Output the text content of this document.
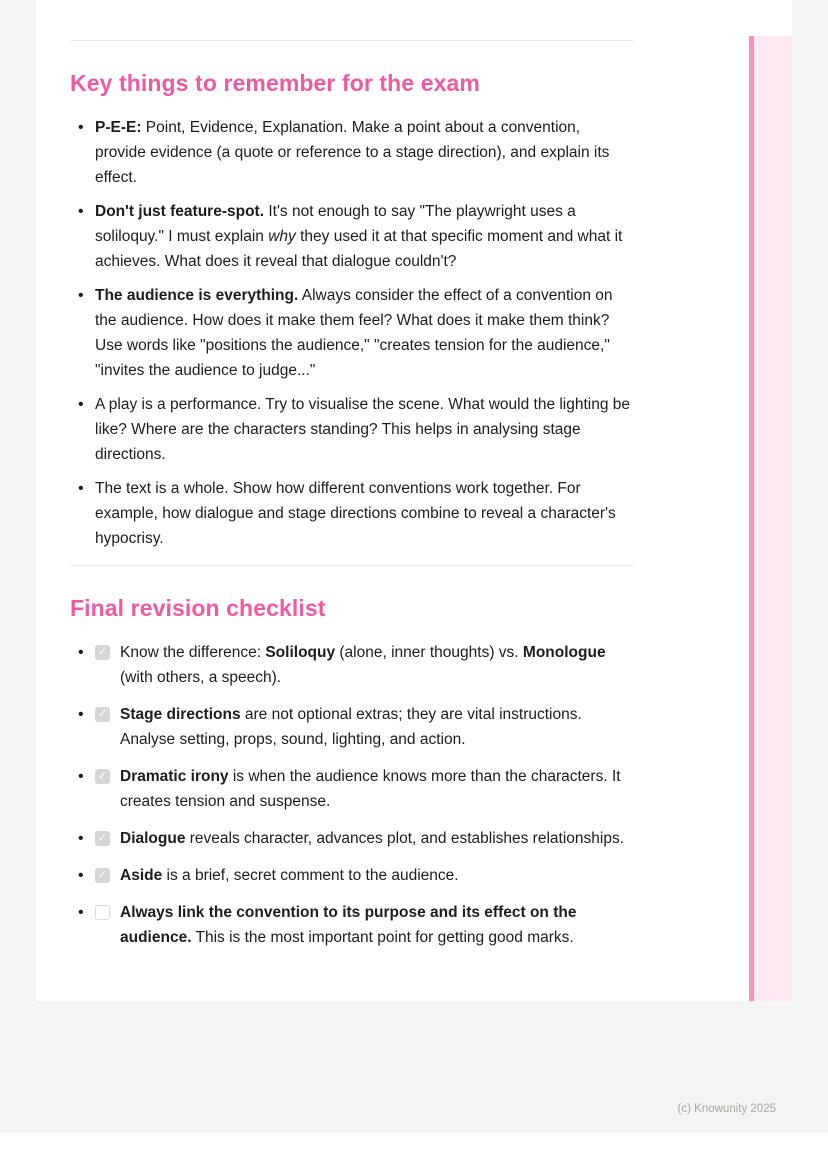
Key things to remember for the exam
• P-E-E: Point, Evidence, Explanation. Make a point about a convention, provide evidence (a quote or reference to a stage direction), and explain its effect.

• Don't just feature-spot. It's not enough to say "The playwright uses a soliloquy." I must explain why they used it at that specific moment and what it achieves. What does it reveal that dialogue couldn't?

• The audience is everything. Always consider the effect of a convention on the audience. How does it make them feel? What does it make them think? Use words like "positions the audience," "creates tension for the audience," "invites the audience to judge..."

• A play is a performance. Try to visualise the scene. What would the lighting be like? Where are the characters standing? This helps in analysing stage directions.

• The text is a whole. Show how different conventions work together. For example, how dialogue and stage directions combine to reveal a character's hypocrisy.

Final revision checklist
• ✓	Know the difference: Soliloquy (alone, inner thoughts) vs. Monologue (with others, a speech).

• ✓	Stage directions are not optional extras; they are vital instructions. Analyse setting, props, sound, lighting, and action.

• ✓	Dramatic irony is when the audience knows more than the characters. It creates tension and suspense.

• ✓	Dialogue reveals character, advances plot, and establishes relationships.

• ✓	Aside is a brief, secret comment to the audience.

•	Always link the convention to its purpose and its effect on the audience. This is the most important point for getting good marks.

(c) Knowunity 2025
